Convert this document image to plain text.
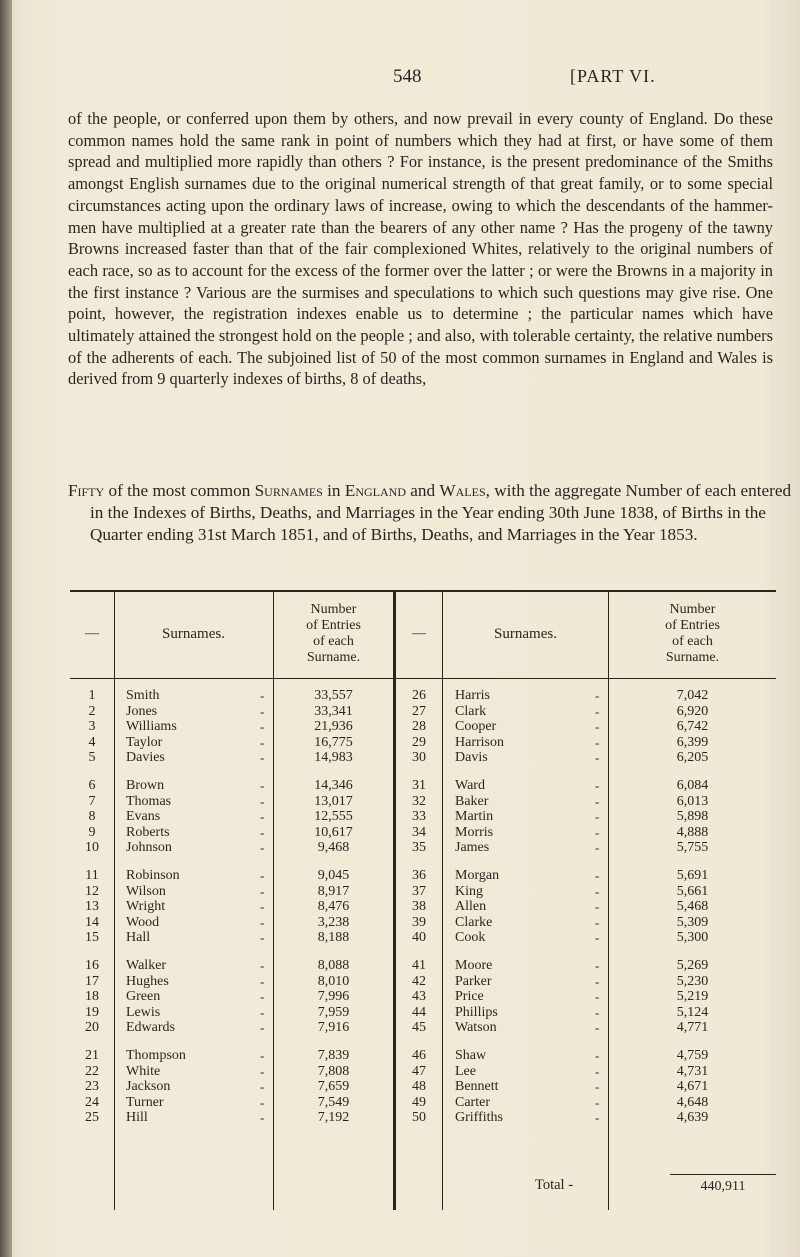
548	[PART VI.

of the people, or conferred upon them by others, and now prevail in every county of England. Do these common names hold the same rank in point of numbers which they had at first, or have some of them spread and multiplied more rapidly than others ? For instance, is the present predominance of the Smiths amongst English surnames due to the original numerical strength of that great family, or to some special circumstances acting upon the ordinary laws of increase, owing to which the descendants of the hammer-men have multiplied at a greater rate than the bearers of any other name ? Has the progeny of the tawny Browns increased faster than that of the fair complexioned Whites, relatively to the original numbers of each race, so as to account for the excess of the former over the latter ; or were the Browns in a majority in the first instance ? Various are the surmises and speculations to which such questions may give rise. One point, however, the registration indexes enable us to determine ; the particular names which have ultimately attained the strongest hold on the people ; and also, with tolerable certainty, the relative numbers of the adherents of each. The subjoined list of 50 of the most common surnames in England and Wales is derived from 9 quarterly indexes of births, 8 of deaths,

Fifty of the most common Surnames in England and Wales, with the aggregate Number of each entered in the Indexes of Births, Deaths, and Marriages in the Year ending 30th June 1838, of Births in the Quarter ending 31st March 1851, and of Births, Deaths, and Marriages in the Year 1853.

—	Surnames.
Number
of Entries
of each
Surname.
—	Surnames.
Number
of Entries
of each
Surname.
1	Smith	-	33,557
2	Jones	-	33,341
3	Williams	-	21,936
4	Taylor	-	16,775
5	Davies	-	14,983
6	Brown	-	14,346
7	Thomas	-	13,017
8	Evans	-	12,555
9	Roberts	-	10,617
10	Johnson	-	9,468
11	Robinson	-	9,045
12	Wilson	-	8,917
13	Wright	-	8,476
14	Wood	-	3,238
15	Hall	-	8,188
16	Walker	-	8,088
17	Hughes	-	8,010
18	Green	-	7,996
19	Lewis	-	7,959
20	Edwards	-	7,916
21	Thompson	-	7,839
22	White	-	7,808
23	Jackson	-	7,659
24	Turner	-	7,549
25	Hill	-	7,192
26	Harris	-	7,042
27	Clark	-	6,920
28	Cooper	-	6,742
29	Harrison	-	6,399
30	Davis	-	6,205
31	Ward	-	6,084
32	Baker	-	6,013
33	Martin	-	5,898
34	Morris	-	4,888
35	James	-	5,755
36	Morgan	-	5,691
37	King	-	5,661
38	Allen	-	5,468
39	Clarke	-	5,309
40	Cook	-	5,300
41	Moore	-	5,269
42	Parker	-	5,230
43	Price	-	5,219
44	Phillips	-	5,124
45	Watson	-	4,771
46	Shaw	-	4,759
47	Lee	-	4,731
48	Bennett	-	4,671
49	Carter	-	4,648
50	Griffiths	-	4,639
Total -	440,911
